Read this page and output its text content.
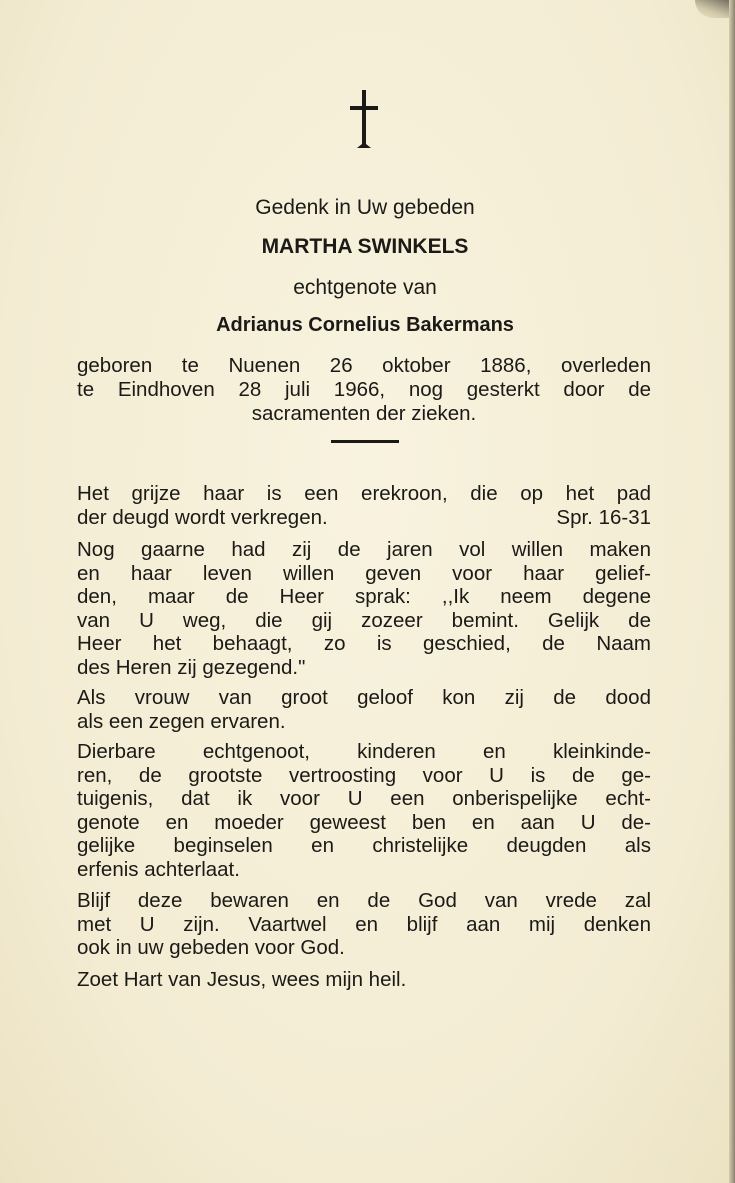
Gedenk in Uw gebeden
MARTHA SWINKELS
echtgenote van
Adrianus Cornelius Bakermans
geboren te Nuenen 26 oktober 1886, overleden
te Eindhoven 28 juli 1966, nog gesterkt door de
sacramenten der zieken.
Het grijze haar is een erekroon, die op het pad
der deugd wordt verkregen.	Spr. 16-31
Nog gaarne had zij de jaren vol willen maken
en haar leven willen geven voor haar gelief-
den, maar de Heer sprak: ,,Ik neem degene
van U weg, die gij zozeer bemint. Gelijk de
Heer het behaagt, zo is geschied, de Naam
des Heren zij gezegend."
Als vrouw van groot geloof kon zij de dood
als een zegen ervaren.
Dierbare echtgenoot, kinderen en kleinkinde-
ren, de grootste vertroosting voor U is de ge-
tuigenis, dat ik voor U een onberispelijke echt-
genote en moeder geweest ben en aan U de-
gelijke beginselen en christelijke deugden als
erfenis achterlaat.
Blijf deze bewaren en de God van vrede zal
met U zijn. Vaartwel en blijf aan mij denken
ook in uw gebeden voor God.
Zoet Hart van Jesus, wees mijn heil.
